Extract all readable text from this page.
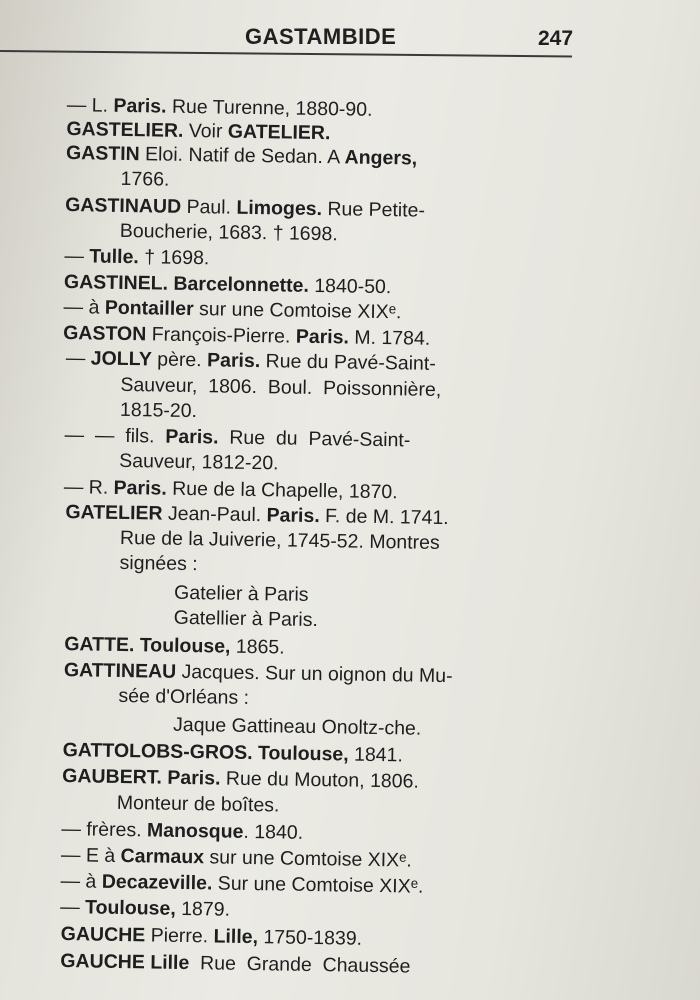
GASTAMBIDE	247
— L. Paris. Rue Turenne, 1880-90.
GASTELIER. Voir GATELIER.
GASTIN Eloi. Natif de Sedan. A Angers,
1766.
GASTINAUD Paul. Limoges. Rue Petite-
Boucherie, 1683. † 1698.
— Tulle. † 1698.
GASTINEL. Barcelonnette. 1840-50.
— à Pontailler sur une Comtoise XIXᵉ.
GASTON François-Pierre. Paris. M. 1784.
— JOLLY père. Paris. Rue du Pavé-Saint-
Sauveur,  1806.  Boul.  Poissonnière,
1815-20.
—  —  fils.  Paris.  Rue  du  Pavé-Saint-
Sauveur, 1812-20.
— R. Paris. Rue de la Chapelle, 1870.
GATELIER Jean-Paul. Paris. F. de M. 1741.
Rue de la Juiverie, 1745-52. Montres
signées :
Gatelier à Paris
Gatellier à Paris.
GATTE. Toulouse, 1865.
GATTINEAU Jacques. Sur un oignon du Mu-
sée d'Orléans :
Jaque Gattineau Onoltz-che.
GATTOLOBS-GROS. Toulouse, 1841.
GAUBERT. Paris. Rue du Mouton, 1806.
Monteur de boîtes.
— frères. Manosque. 1840.
— E à Carmaux sur une Comtoise XIXᵉ.
— à Decazeville. Sur une Comtoise XIXᵉ.
— Toulouse, 1879.
GAUCHE Pierre. Lille, 1750-1839.
GAUCHE Lille  Rue  Grande  Chaussée
